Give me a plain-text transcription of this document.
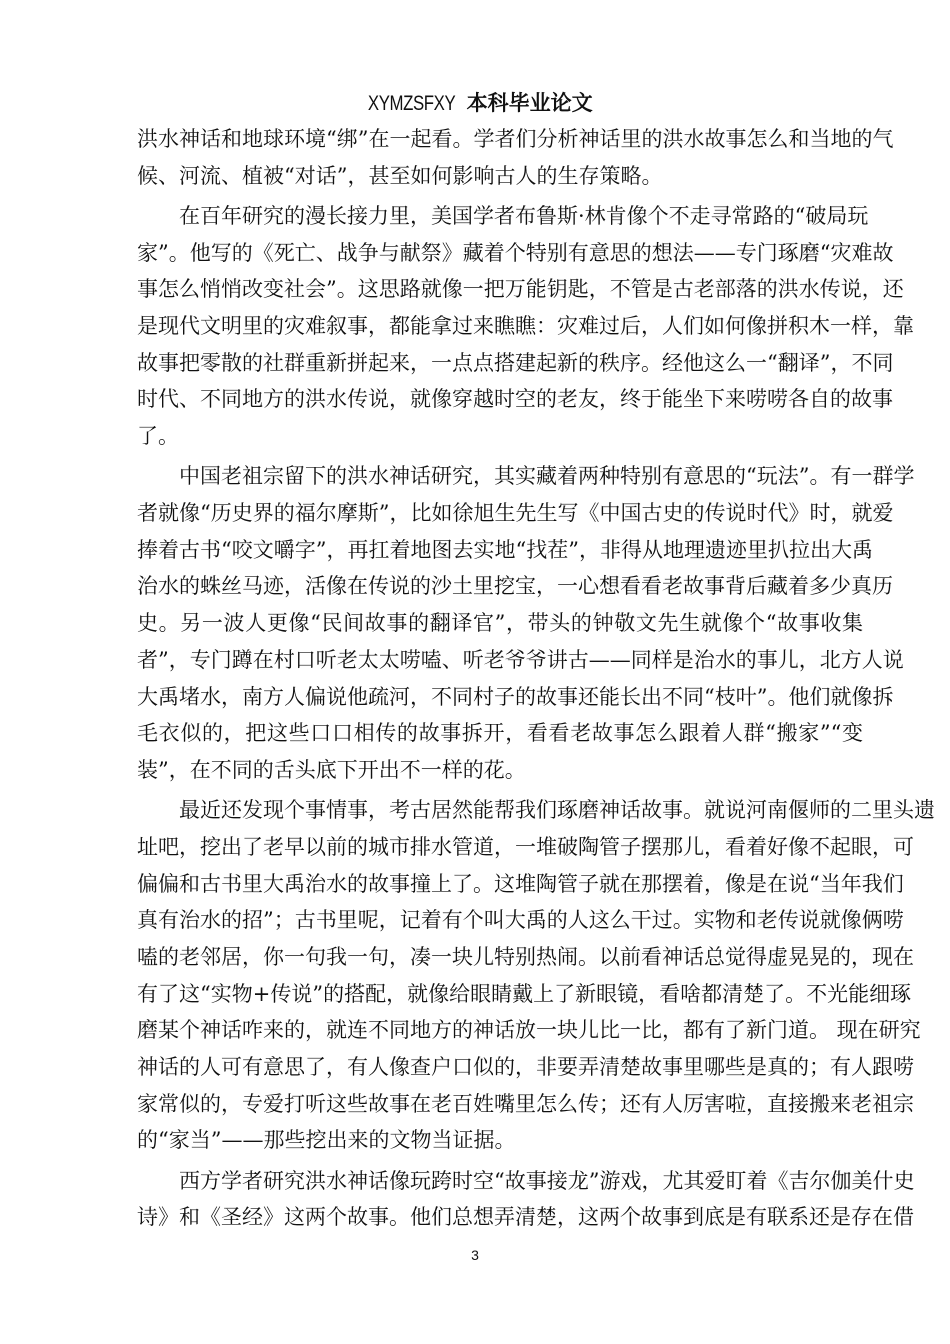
XYMZSFXY 本科毕业论文
洪水神话和地球环境“绑”在一起看。学者们分析神话里的洪水故事怎么和当地的气
候、河流、植被“对话”，甚至如何影响古人的生存策略。
在百年研究的漫长接力里，美国学者布鲁斯·林肯像个不走寻常路的“破局玩
家”。他写的《死亡、战争与献祭》藏着个特别有意思的想法——专门琢磨“灾难故
事怎么悄悄改变社会”。这思路就像一把万能钥匙，不管是古老部落的洪水传说，还
是现代文明里的灾难叙事，都能拿过来瞧瞧：灾难过后，人们如何像拼积木一样，靠
故事把零散的社群重新拼起来，一点点搭建起新的秩序。经他这么一“翻译”，不同
时代、不同地方的洪水传说，就像穿越时空的老友，终于能坐下来唠唠各自的故事
了。
中国老祖宗留下的洪水神话研究，其实藏着两种特别有意思的“玩法”。有一群学
者就像“历史界的福尔摩斯”，比如徐旭生先生写《中国古史的传说时代》时，就爱
捧着古书“咬文嚼字”，再扛着地图去实地“找茬”，非得从地理遗迹里扒拉出大禹
治水的蛛丝马迹，活像在传说的沙土里挖宝，一心想看看老故事背后藏着多少真历
史。另一波人更像“民间故事的翻译官”，带头的钟敬文先生就像个“故事收集
者”，专门蹲在村口听老太太唠嗑、听老爷爷讲古——同样是治水的事儿，北方人说
大禹堵水，南方人偏说他疏河，不同村子的故事还能长出不同“枝叶”。他们就像拆
毛衣似的，把这些口口相传的故事拆开，看看老故事怎么跟着人群“搬家”“变
装”，在不同的舌头底下开出不一样的花。
最近还发现个事情事，考古居然能帮我们琢磨神话故事。就说河南偃师的二里头遗
址吧，挖出了老早以前的城市排水管道，一堆破陶管子摆那儿，看着好像不起眼，可
偏偏和古书里大禹治水的故事撞上了。这堆陶管子就在那摆着，像是在说“当年我们
真有治水的招”；古书里呢，记着有个叫大禹的人这么干过。实物和老传说就像俩唠
嗑的老邻居，你一句我一句，凑一块儿特别热闹。以前看神话总觉得虚晃晃的，现在
有了这“实物+传说”的搭配，就像给眼睛戴上了新眼镜，看啥都清楚了。不光能细琢
磨某个神话咋来的，就连不同地方的神话放一块儿比一比，都有了新门道。 现在研究
神话的人可有意思了，有人像查户口似的，非要弄清楚故事里哪些是真的；有人跟唠
家常似的，专爱打听这些故事在老百姓嘴里怎么传；还有人厉害啦，直接搬来老祖宗
的“家当”——那些挖出来的文物当证据。
西方学者研究洪水神话像玩跨时空“故事接龙”游戏，尤其爱盯着《吉尔伽美什史
诗》和《圣经》这两个故事。他们总想弄清楚，这两个故事到底是有联系还是存在借
3
